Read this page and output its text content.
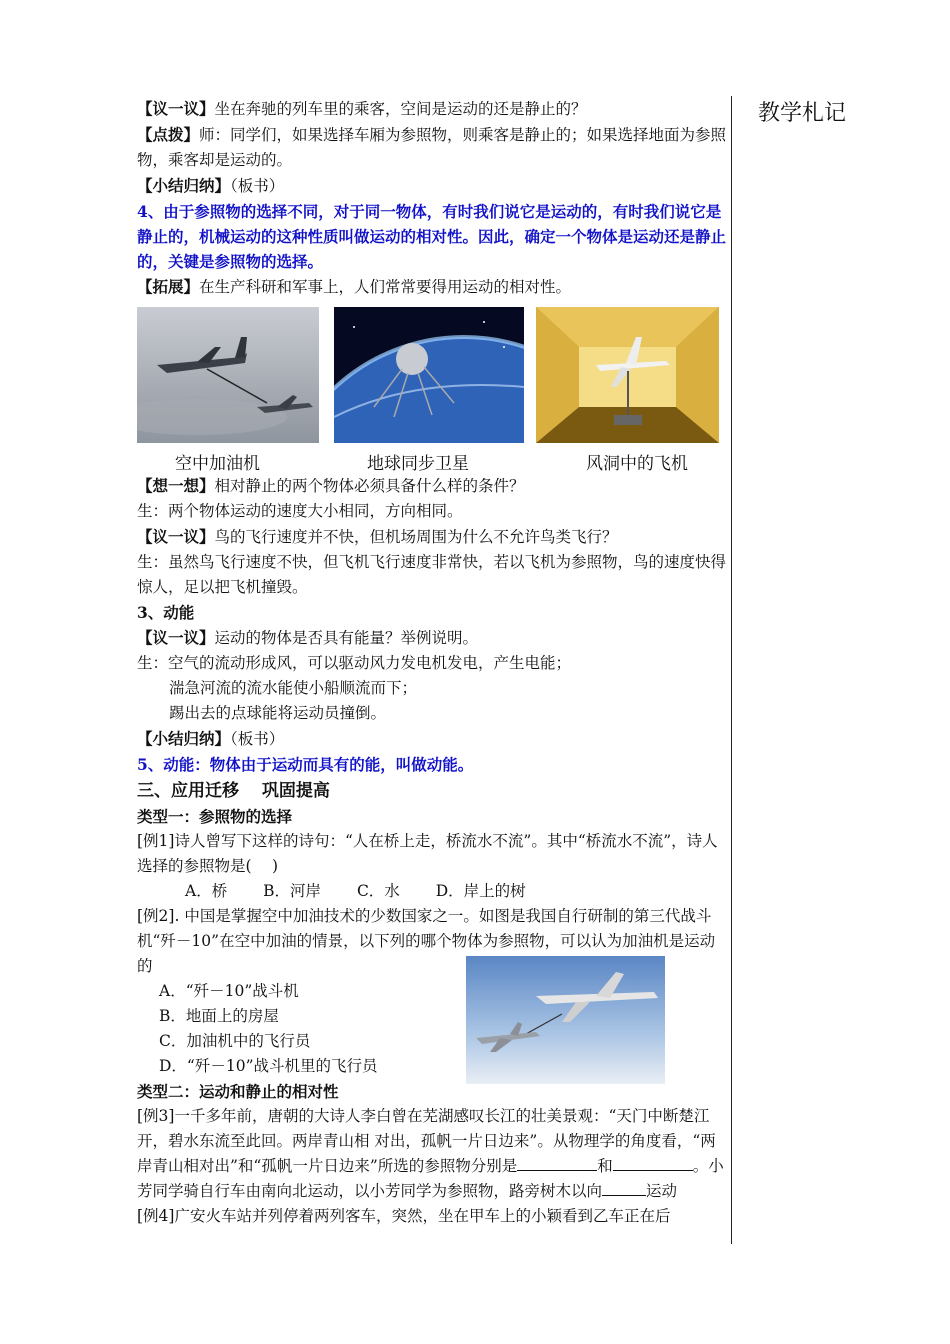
教学札记
【议一议】坐在奔驰的列车里的乘客，空间是运动的还是静止的？
【点拨】师：同学们，如果选择车厢为参照物，则乘客是静止的；如果选择地面为参照物，乘客却是运动的。
【小结归纳】（板书）
4、由于参照物的选择不同，对于同一物体，有时我们说它是运动的，有时我们说它是静止的，机械运动的这种性质叫做运动的相对性。因此，确定一个物体是运动还是静止的，关键是参照物的选择。
【拓展】在生产科研和军事上，人们常常要得用运动的相对性。
空中加油机	地球同步卫星	风洞中的飞机
【想一想】相对静止的两个物体必须具备什么样的条件？
生：两个物体运动的速度大小相同，方向相同。
【议一议】鸟的飞行速度并不快，但机场周围为什么不允许鸟类飞行？
生：虽然鸟飞行速度不快，但飞机飞行速度非常快，若以飞机为参照物，鸟的速度快得惊人，足以把飞机撞毁。
3、动能
【议一议】运动的物体是否具有能量？举例说明。
生：空气的流动形成风，可以驱动风力发电机发电，产生电能；
湍急河流的流水能使小船顺流而下；
踢出去的点球能将运动员撞倒。
【小结归纳】（板书）
5、动能：物体由于运动而具有的能，叫做动能。
三、应用迁移　 巩固提高
类型一：参照物的选择
[例1]诗人曾写下这样的诗句：“人在桥上走，桥流水不流”。其中“桥流水不流”，诗人选择的参照物是(　 )
A．桥　　 B．河岸　　 C．水　　 D．岸上的树
[例2]. 中国是掌握空中加油技术的少数国家之一。如图是我国自行研制的第三代战斗机“歼－10”在空中加油的情景，以下列的哪个物体为参照物，可以认为加油机是运动的
A．“歼－10”战斗机
B．地面上的房屋
C．加油机中的飞行员
D．“歼－10”战斗机里的飞行员
类型二：运动和静止的相对性
[例3]一千多年前，唐朝的大诗人李白曾在芜湖感叹长江的壮美景观：“天门中断楚江开，碧水东流至此回。两岸青山相 对出，孤帆一片日边来”。从物理学的角度看，“两岸青山相对出”和“孤帆一片日边来”所选的参照物分别是	和	。小芳同学骑自行车由南向北运动，以小芳同学为参照物，路旁树木以向	运动
[例4]广安火车站并列停着两列客车，突然，坐在甲车上的小颖看到乙车正在后
